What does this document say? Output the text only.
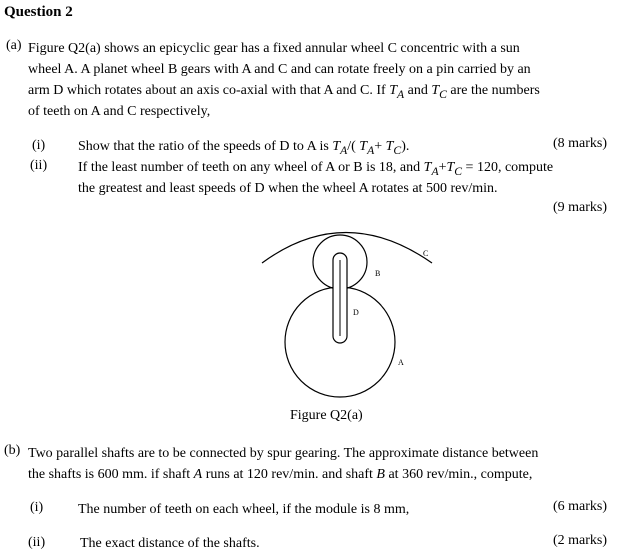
Question 2
(a) Figure Q2(a) shows an epicyclic gear has a fixed annular wheel C concentric with a sun
wheel A. A planet wheel B gears with A and C and can rotate freely on a pin carried by an
arm D which rotates about an axis co-axial with that A and C. If $T_A$ and $T_C$ are the numbers
of teeth on A and C respectively,
(i) Show that the ratio of the speeds of D to A is $T_A/$( $T_A+ T_C$).	(8 marks)
(ii) If the least number of teeth on any wheel of A or B is 18, and $T_A+T_C = 120$, compute
the greatest and least speeds of D when the wheel A rotates at 500 rev/min.
(9 marks)
B
C
D
A
Figure Q2(a)
(b) Two parallel shafts are to be connected by spur gearing. The approximate distance between
the shafts is 600 mm. if shaft A runs at 120 rev/min. and shaft B at 360 rev/min., compute,
(i) The number of teeth on each wheel, if the module is 8 mm,	(6 marks)
(ii) The exact distance of the shafts.	(2 marks)
